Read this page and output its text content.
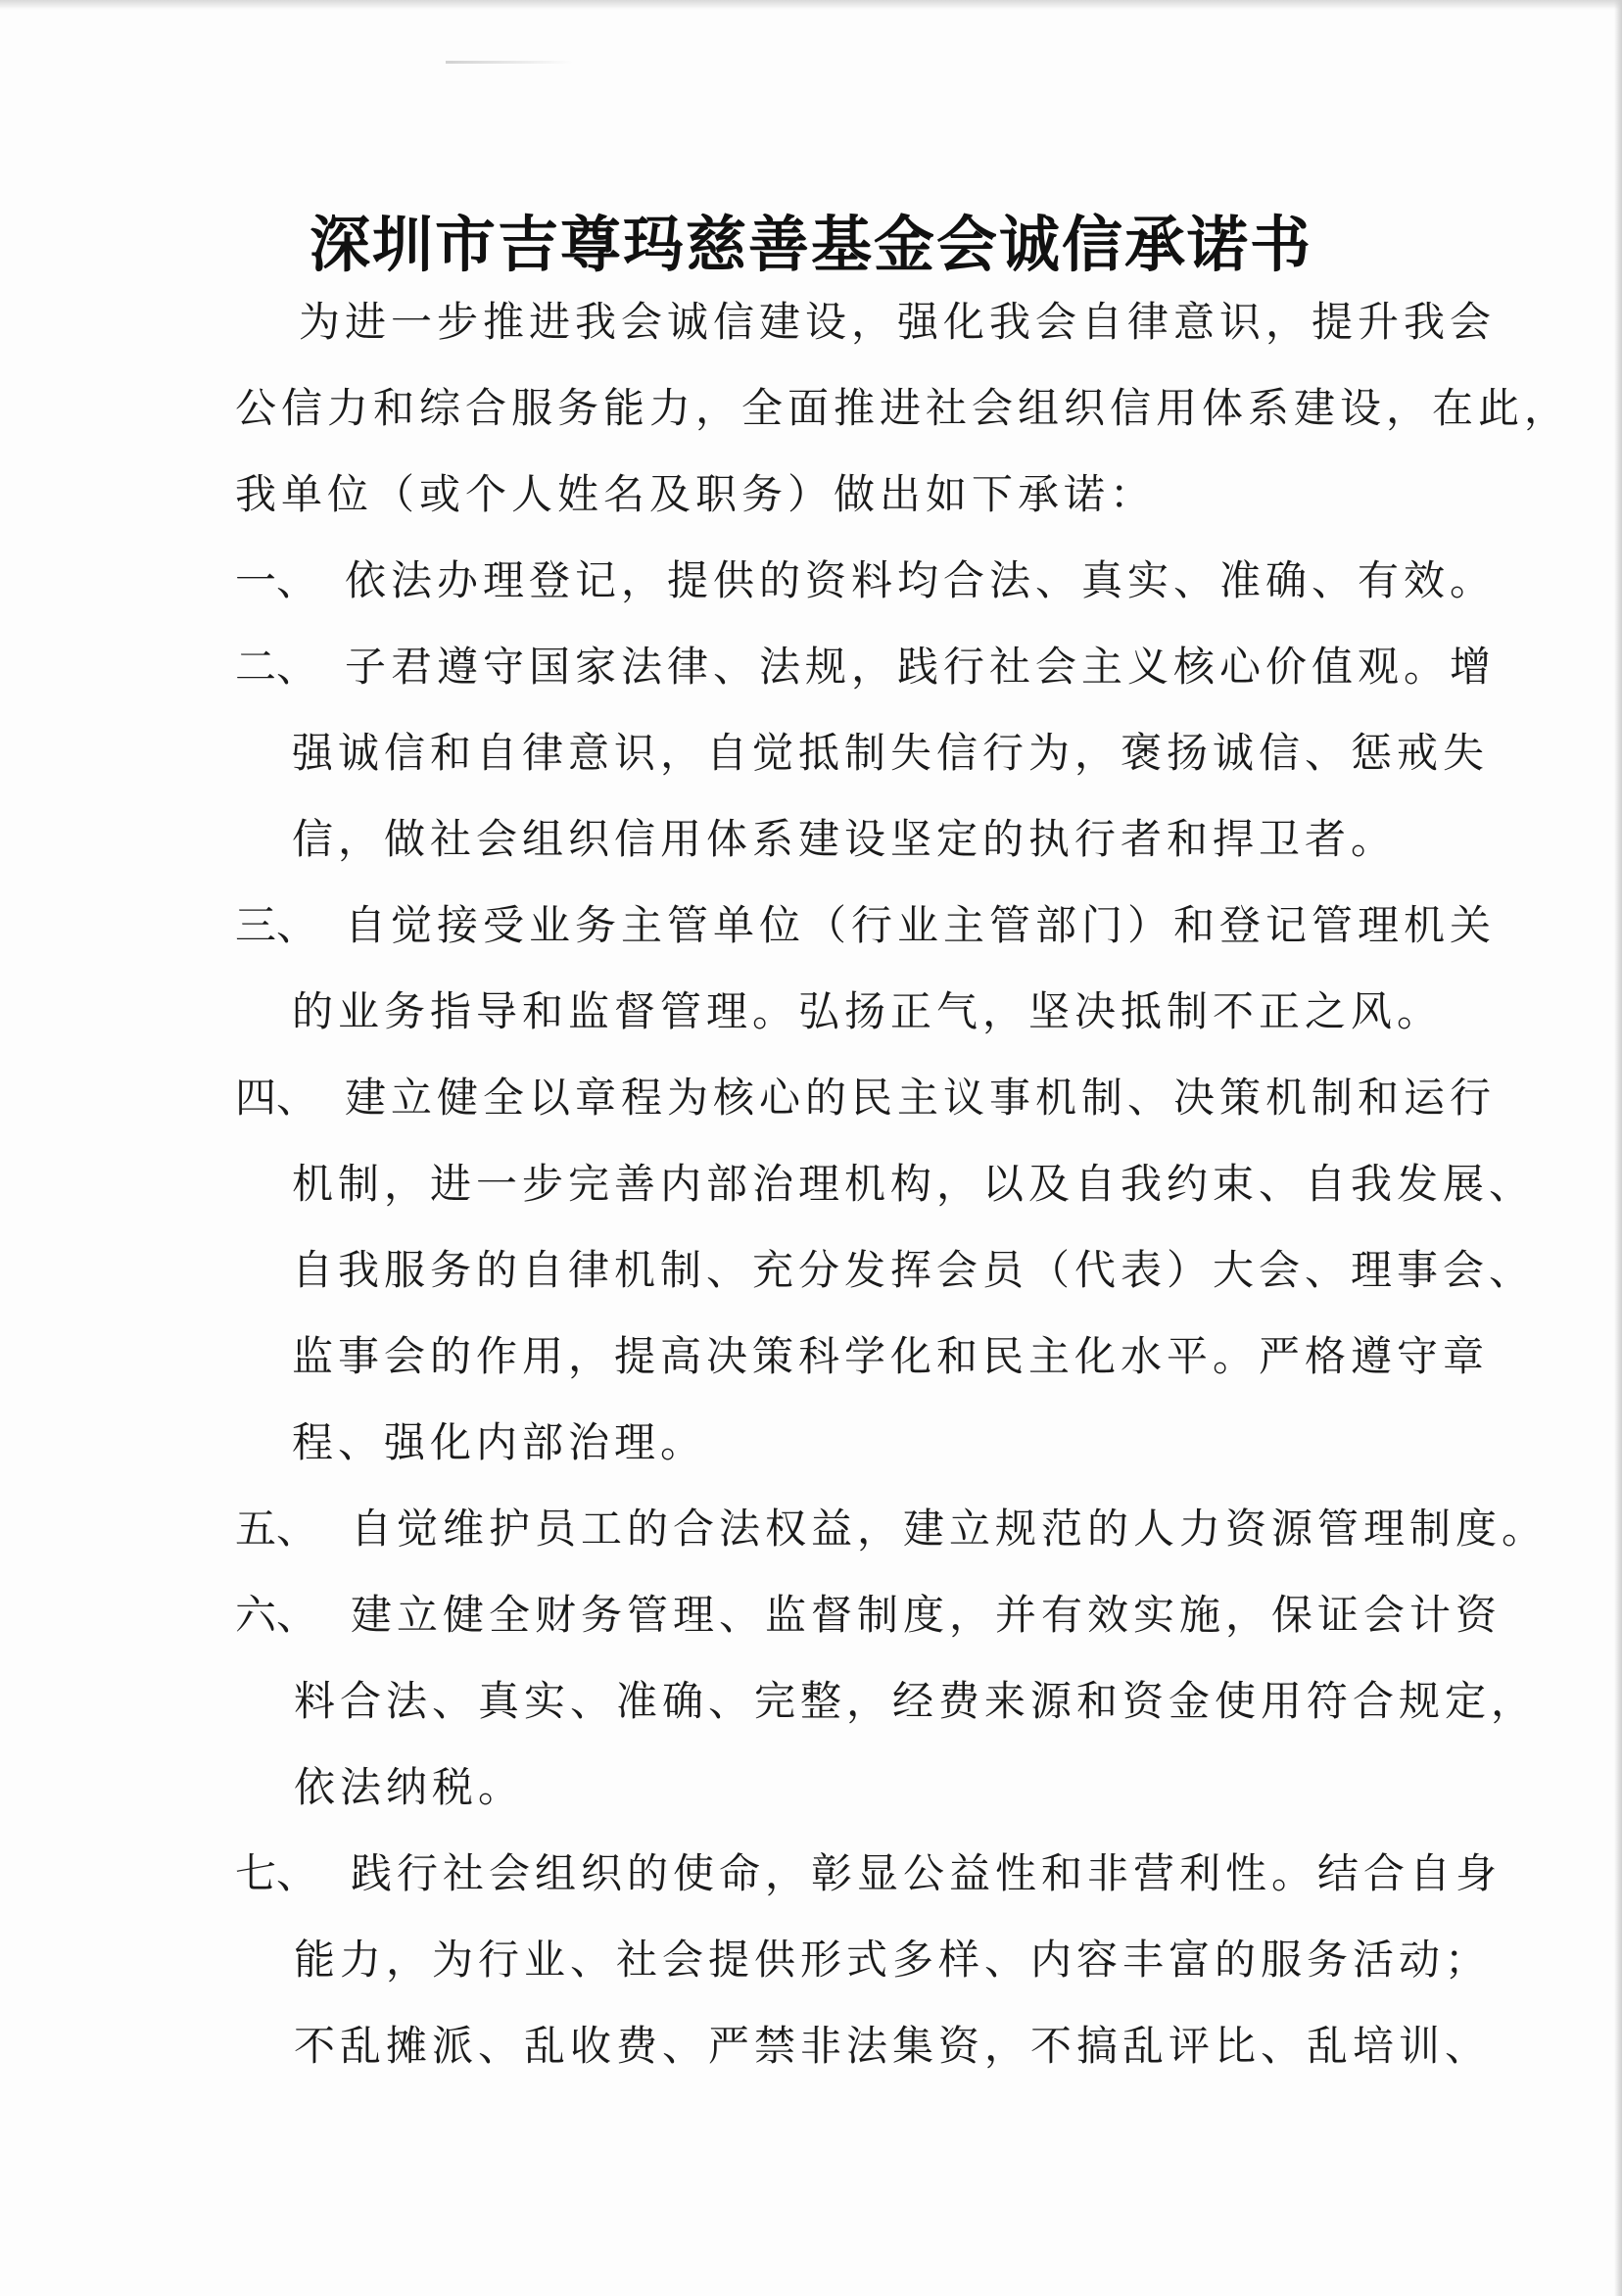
深圳市吉尊玛慈善基金会诚信承诺书
为进一步推进我会诚信建设，强化我会自律意识，提升我会
公信力和综合服务能力，全面推进社会组织信用体系建设，在此，
我单位（或个人姓名及职务）做出如下承诺：
一、 依法办理登记，提供的资料均合法、真实、准确、有效。
二、 子君遵守国家法律、法规，践行社会主义核心价值观。增
强诚信和自律意识，自觉抵制失信行为，褒扬诚信、惩戒失
信，做社会组织信用体系建设坚定的执行者和捍卫者。
三、 自觉接受业务主管单位（行业主管部门）和登记管理机关
的业务指导和监督管理。弘扬正气，坚决抵制不正之风。
四、 建立健全以章程为核心的民主议事机制、决策机制和运行
机制，进一步完善内部治理机构，以及自我约束、自我发展、
自我服务的自律机制、充分发挥会员（代表）大会、理事会、
监事会的作用，提高决策科学化和民主化水平。严格遵守章
程、强化内部治理。
五、 自觉维护员工的合法权益，建立规范的人力资源管理制度。
六、 建立健全财务管理、监督制度，并有效实施，保证会计资
料合法、真实、准确、完整，经费来源和资金使用符合规定，
依法纳税。
七、 践行社会组织的使命，彰显公益性和非营利性。结合自身
能力，为行业、社会提供形式多样、内容丰富的服务活动；
不乱摊派、乱收费、严禁非法集资，不搞乱评比、乱培训、
